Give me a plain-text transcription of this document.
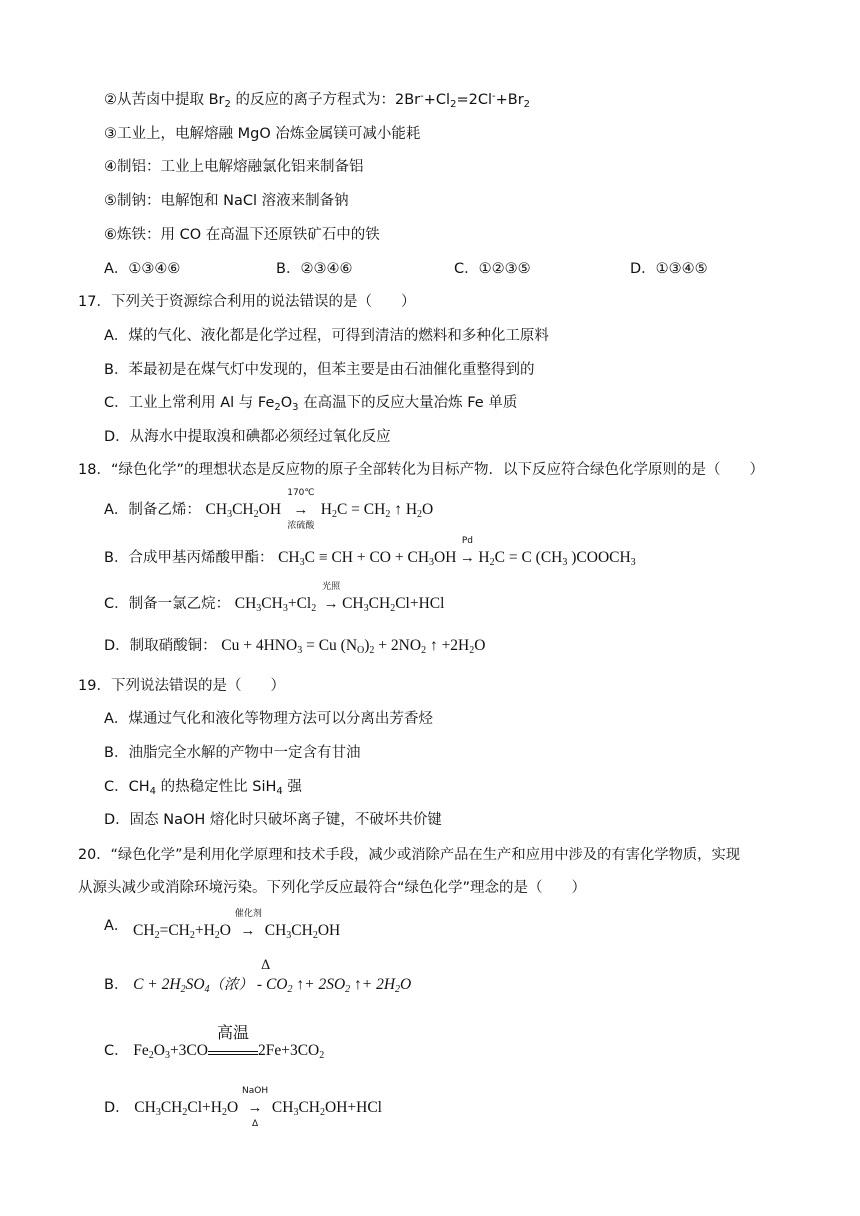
②从苦卤中提取 $Br_2$ 的反应的离子方程式为：$2Br^-+Cl_2=2Cl^-+Br_2$
③工业上，电解熔融 MgO 冶炼金属镁可减小能耗
④制铝：工业上电解熔融氯化铝来制备铝
⑤制钠：电解饱和 NaCl 溶液来制备钠
⑥炼铁：用 CO 在高温下还原铁矿石中的铁
A．①③④⑥	B．②③④⑥	C．①②③⑤	D．①③④⑤
17．下列关于资源综合利用的说法错误的是（　　）
A．煤的气化、液化都是化学过程，可得到清洁的燃料和多种化工原料
B．苯最初是在煤气灯中发现的，但苯主要是由石油催化重整得到的
C．工业上常利用 Al 与 $Fe_2O_3$ 在高温下的反应大量冶炼 Fe 单质
D．从海水中提取溴和碘都必须经过氧化反应
18．“绿色化学”的理想状态是反应物的原子全部转化为目标产物．以下反应符合绿色化学原则的是（　　）
A．制备乙烯： $CH_3CH_2OH$
170℃
→
浓硫酸
$H_2C = CH_2$ ↑ $H_2O$
B．合成甲基丙烯酸甲酯： $CH_3C$ ≡ CH + CO + $CH_3OH$
Pd
→ $H_2C = C$ ($CH_3$ )$COOCH_3$
C．制备一氯乙烷： $CH_3CH_3+Cl_2$
光照
→ $CH_3CH_2Cl+HCl$
D．制取硝酸铜： $Cu + 4HNO_3 = Cu$ $(N_O)_2 + 2NO_2$ ↑ $+2H_2O$
19．下列说法错误的是（　　）
A．煤通过气化和液化等物理方法可以分离出芳香烃
B．油脂完全水解的产物中一定含有甘油
C．$CH_4$ 的热稳定性比 SiH$_4$ 强
D．固态 NaOH 熔化时只破坏离子键，不破坏共价键
20．“绿色化学”是利用化学原理和技术手段，减少或消除产品在生产和应用中涉及的有害化学物质，实现
从源头减少或消除环境污染。下列化学反应最符合“绿色化学”理念的是（　　）
A． $CH_2=CH_2+H_2O$
催化剂
→ $CH_3CH_2OH$
Δ
B． $C + 2H_2SO_4$（浓） - $CO_2$ ↑+ $2SO_2$ ↑+ $2H_2O$
C． $Fe_2O_3+3CO$
高温
$2Fe+3CO_2$
D． $CH_3CH_2Cl+H_2O$
NaOH
→
Δ
$CH_3CH_2OH+HCl$
